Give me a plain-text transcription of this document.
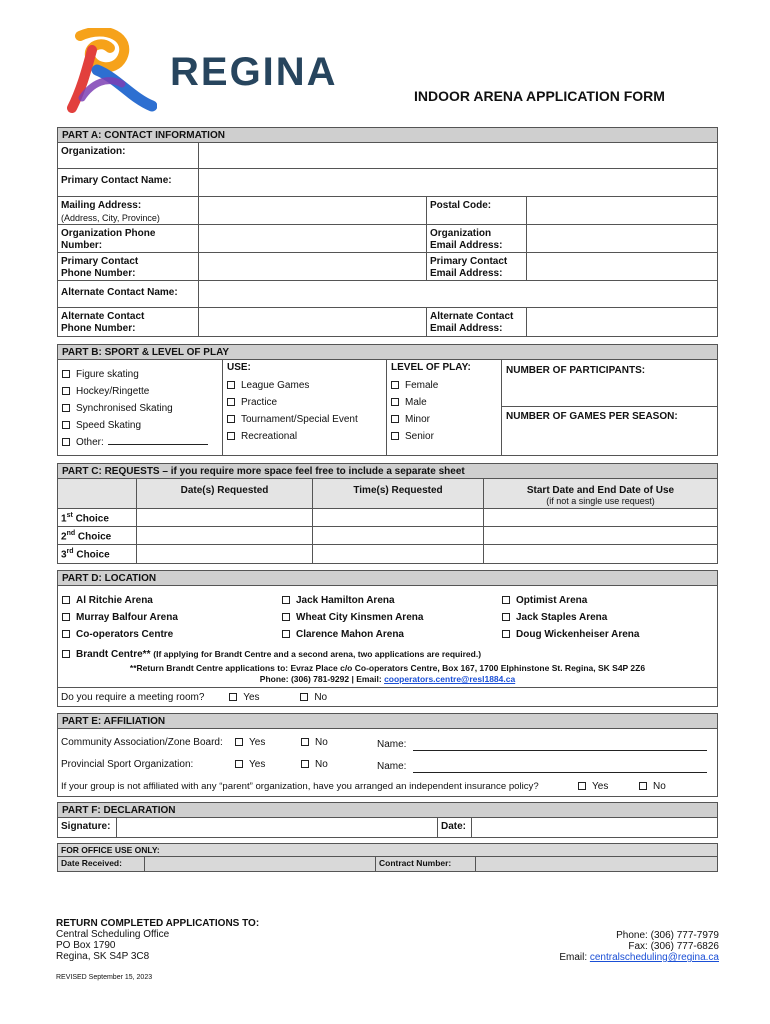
REGINA
INDOOR ARENA APPLICATION FORM
PART A: CONTACT INFORMATION
Organization:
Primary Contact Name:
Mailing Address:
(Address, City, Province)
Postal Code:
Organization Phone
Number:
Organization
Email Address:
Primary Contact
Phone Number:
Primary Contact
Email Address:
Alternate Contact Name:
Alternate Contact
Phone Number:
Alternate Contact
Email Address:
PART B: SPORT & LEVEL OF PLAY
Figure skating
Hockey/Ringette
Synchronised Skating
Speed Skating
Other:
USE:
League Games
Practice
Tournament/Special Event
Recreational
LEVEL OF PLAY:
Female
Male
Minor
Senior
NUMBER OF PARTICIPANTS:
NUMBER OF GAMES PER SEASON:
PART C: REQUESTS – if you require more space feel free to include a separate sheet
Date(s) Requested	Time(s) Requested	Start Date and End Date of Use
(if not a single use request)
1st Choice
2nd Choice
3rd Choice
PART D: LOCATION
Al Ritchie Arena
Murray Balfour Arena
Co-operators Centre
Jack Hamilton Arena
Wheat City Kinsmen Arena
Clarence Mahon Arena
Optimist Arena
Jack Staples Arena
Doug Wickenheiser Arena
Brandt Centre** (If applying for Brandt Centre and a second arena, two applications are required.)
**Return Brandt Centre applications to: Evraz Place c/o Co-operators Centre, Box 167, 1700 Elphinstone St. Regina, SK S4P 2Z6
Phone: (306) 781-9292 | Email: cooperators.centre@resl1884.ca
Do you require a meeting room?	Yes	No
PART E: AFFILIATION
Community Association/Zone Board:	Yes	No	Name:
Provincial Sport Organization:	Yes	No	Name:
If your group is not affiliated with any “parent” organization, have you arranged an independent insurance policy?	Yes	No
PART F: DECLARATION
Signature:	Date:
FOR OFFICE USE ONLY:
Date Received:	Contract Number:
RETURN COMPLETED APPLICATIONS TO:
Central Scheduling Office
PO Box 1790
Regina, SK S4P 3C8
Phone: (306) 777-7979
Fax: (306) 777-6826
Email: centralscheduling@regina.ca
REVISED September 15, 2023
